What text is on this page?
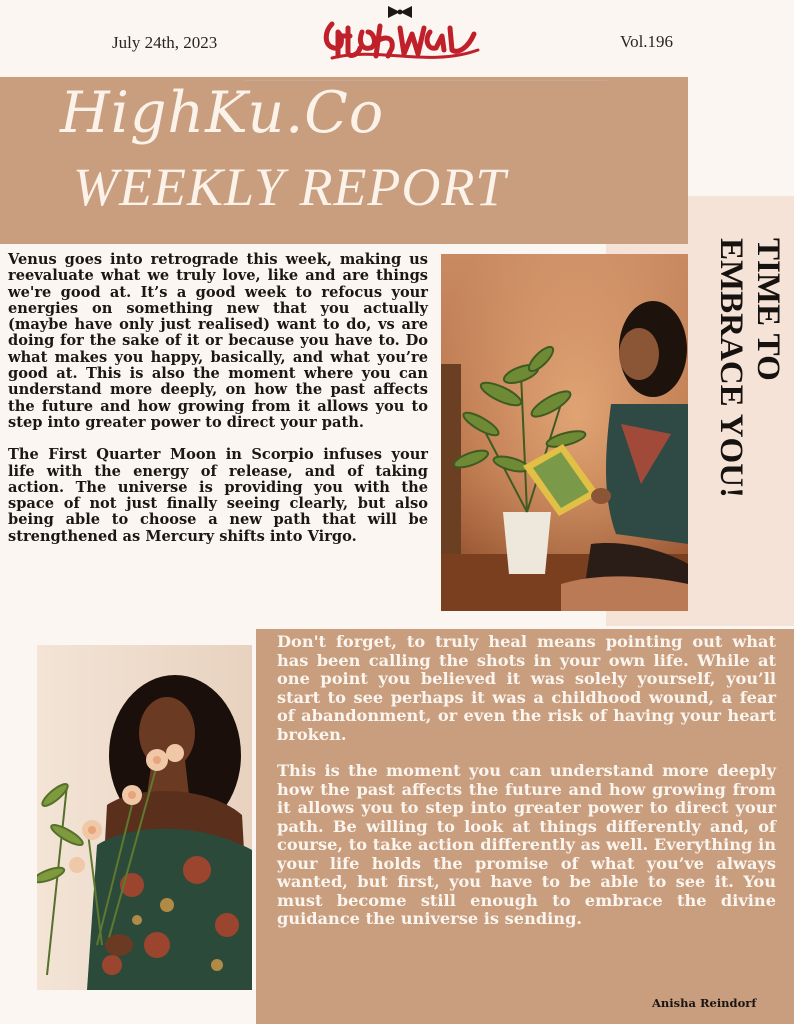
July 24th, 2023	Vol.196
HighKu.Co
WEEKLY REPORT
TIME TO
EMBRACE YOU!

Venus goes into retrograde this week, making us reevaluate what we truly love, like and are things we're good at. It’s a good week to refocus your energies on something new that you actually (maybe have only just realised) want to do, vs are doing for the sake of it or because you have to. Do what makes you happy, basically, and what you’re good at. This is also the moment where you can understand more deeply, on how the past affects the future and how growing from it allows you to step into greater power to direct your path.

The First Quarter Moon in Scorpio infuses your life with the energy of release, and of taking action. The universe is providing you with the space of not just finally seeing clearly, but also being able to choose a new path that will be strengthened as Mercury shifts into Virgo.

Don't forget, to truly heal means pointing out what has been calling the shots in your own life. While at one point you believed it was solely yourself, you’ll start to see perhaps it was a childhood wound, a fear of abandonment, or even the risk of having your heart broken.

This is the moment you can understand more deeply how the past affects the future and how growing from it allows you to step into greater power to direct your path. Be willing to look at things differently and, of course, to take action differently as well. Everything in your life holds the promise of what you’ve always wanted, but first, you have to be able to see it. You must become still enough to embrace the divine guidance the universe is sending.

Anisha Reindorf
